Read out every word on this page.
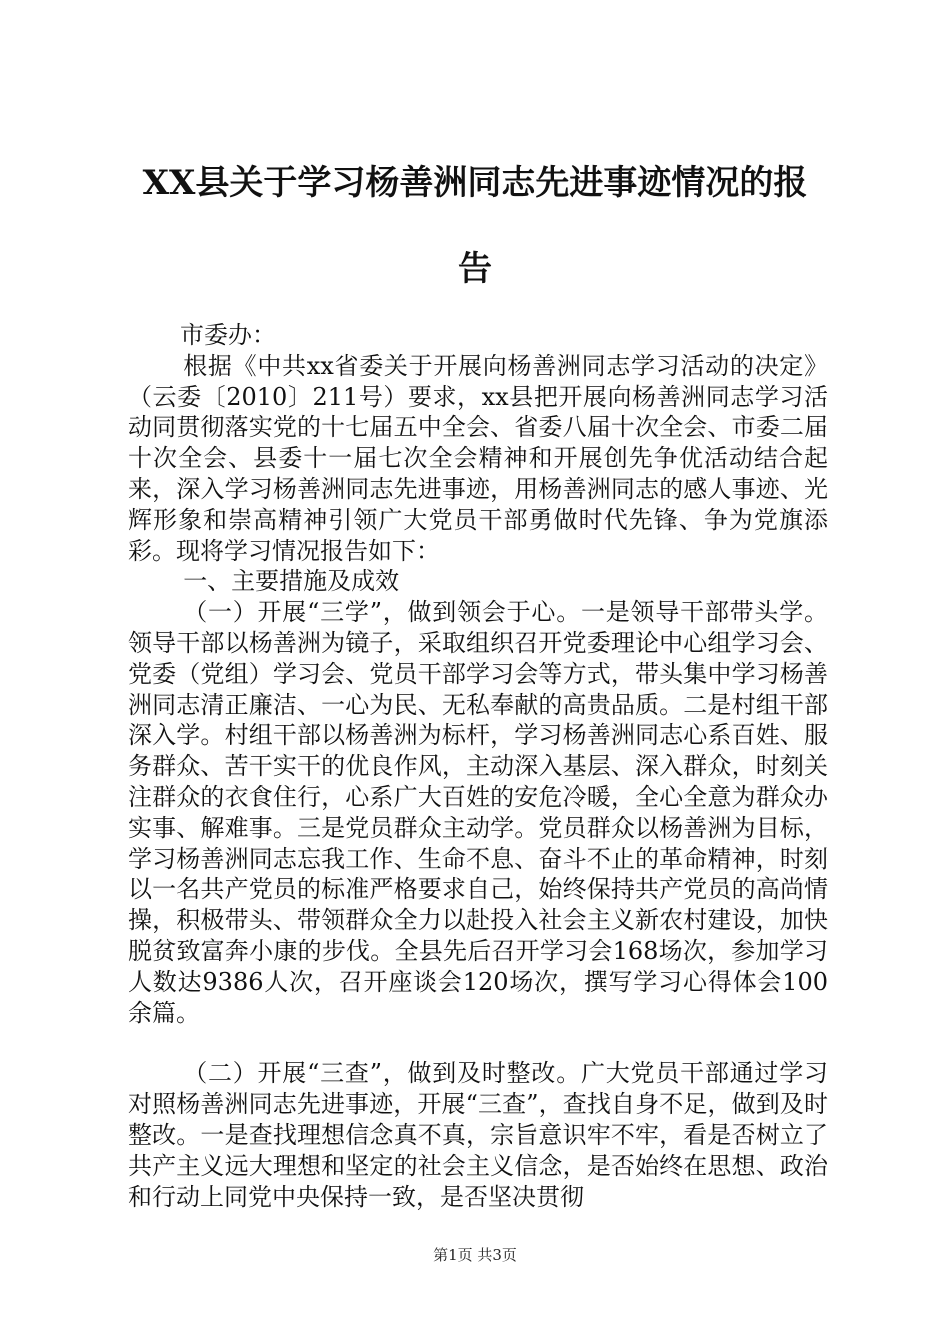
XX县关于学习杨善洲同志先进事迹情况的报
告

市委办：

根据《中共xx省委关于开展向杨善洲同志学习活动的决定》（云委〔2010〕211号）要求，xx县把开展向杨善洲同志学习活动同贯彻落实党的十七届五中全会、省委八届十次全会、市委二届十次全会、县委十一届七次全会精神和开展创先争优活动结合起来，深入学习杨善洲同志先进事迹，用杨善洲同志的感人事迹、光辉形象和崇高精神引领广大党员干部勇做时代先锋、争为党旗添彩。现将学习情况报告如下：

一、主要措施及成效

（一）开展“三学”，做到领会于心。一是领导干部带头学。领导干部以杨善洲为镜子，采取组织召开党委理论中心组学习会、党委（党组）学习会、党员干部学习会等方式，带头集中学习杨善洲同志清正廉洁、一心为民、无私奉献的高贵品质。二是村组干部深入学。村组干部以杨善洲为标杆，学习杨善洲同志心系百姓、服务群众、苦干实干的优良作风，主动深入基层、深入群众，时刻关注群众的衣食住行，心系广大百姓的安危冷暖，全心全意为群众办实事、解难事。三是党员群众主动学。党员群众以杨善洲为目标，学习杨善洲同志忘我工作、生命不息、奋斗不止的革命精神，时刻以一名共产党员的标准严格要求自己，始终保持共产党员的高尚情操，积极带头、带领群众全力以赴投入社会主义新农村建设，加快脱贫致富奔小康的步伐。全县先后召开学习会168场次，参加学习人数达9386人次，召开座谈会120场次，撰写学习心得体会100余篇。

（二）开展“三查”，做到及时整改。广大党员干部通过学习对照杨善洲同志先进事迹，开展“三查”，查找自身不足，做到及时整改。一是查找理想信念真不真，宗旨意识牢不牢，看是否树立了共产主义远大理想和坚定的社会主义信念，是否始终在思想、政治和行动上同党中央保持一致，是否坚决贯彻

第1页 共3页
